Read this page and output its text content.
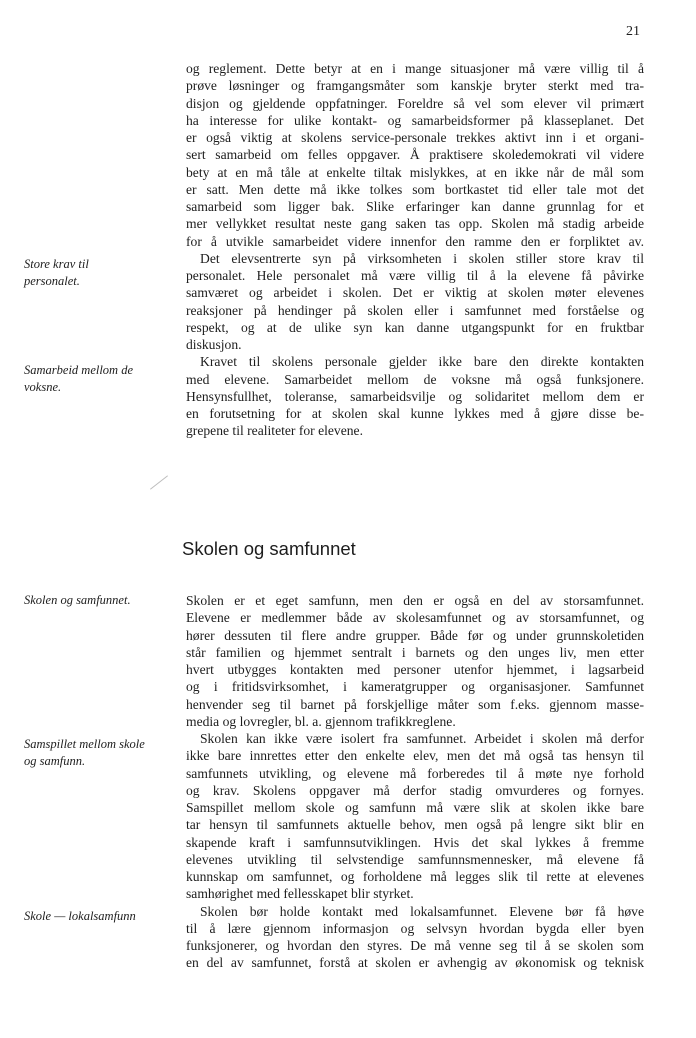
21
Store krav til
personalet.
Samarbeid mellom de
voksne.
Skolen og samfunnet.
Samspillet mellom skole
og samfunn.
Skole — lokalsamfunn
og reglement. Dette betyr at en i mange situasjoner må være villig til å
prøve løsninger og framgangsmåter som kanskje bryter sterkt med tra-
disjon og gjeldende oppfatninger. Foreldre så vel som elever vil primært
ha interesse for ulike kontakt- og samarbeidsformer på klasseplanet. Det
er også viktig at skolens service-personale trekkes aktivt inn i et organi-
sert samarbeid om felles oppgaver. Å praktisere skoledemokrati vil videre
bety at en må tåle at enkelte tiltak mislykkes, at en ikke når de mål som
er satt. Men dette må ikke tolkes som bortkastet tid eller tale mot det
samarbeid som ligger bak. Slike erfaringer kan danne grunnlag for et
mer vellykket resultat neste gang saken tas opp. Skolen må stadig arbeide
for å utvikle samarbeidet videre innenfor den ramme den er forpliktet av.
Det elevsentrerte syn på virksomheten i skolen stiller store krav til
personalet. Hele personalet må være villig til å la elevene få påvirke
samværet og arbeidet i skolen. Det er viktig at skolen møter elevenes
reaksjoner på hendinger på skolen eller i samfunnet med forståelse og
respekt, og at de ulike syn kan danne utgangspunkt for en fruktbar
diskusjon.
Kravet til skolens personale gjelder ikke bare den direkte kontakten
med elevene. Samarbeidet mellom de voksne må også funksjonere.
Hensynsfullhet, toleranse, samarbeidsvilje og solidaritet mellom dem er
en forutsetning for at skolen skal kunne lykkes med å gjøre disse be-
grepene til realiteter for elevene.
Skolen og samfunnet
Skolen er et eget samfunn, men den er også en del av storsamfunnet.
Elevene er medlemmer både av skolesamfunnet og av storsamfunnet, og
hører dessuten til flere andre grupper. Både før og under grunnskoletiden
står familien og hjemmet sentralt i barnets og den unges liv, men etter
hvert utbygges kontakten med personer utenfor hjemmet, i lagsarbeid
og i fritidsvirksomhet, i kameratgrupper og organisasjoner. Samfunnet
henvender seg til barnet på forskjellige måter som f.eks. gjennom masse-
media og lovregler, bl. a. gjennom trafikkreglene.
Skolen kan ikke være isolert fra samfunnet. Arbeidet i skolen må derfor
ikke bare innrettes etter den enkelte elev, men det må også tas hensyn til
samfunnets utvikling, og elevene må forberedes til å møte nye forhold
og krav. Skolens oppgaver må derfor stadig omvurderes og fornyes.
Samspillet mellom skole og samfunn må være slik at skolen ikke bare
tar hensyn til samfunnets aktuelle behov, men også på lengre sikt blir en
skapende kraft i samfunnsutviklingen. Hvis det skal lykkes å fremme
elevenes utvikling til selvstendige samfunnsmennesker, må elevene få
kunnskap om samfunnet, og forholdene må legges slik til rette at elevenes
samhørighet med fellesskapet blir styrket.
Skolen bør holde kontakt med lokalsamfunnet. Elevene bør få høve
til å lære gjennom informasjon og selvsyn hvordan bygda eller byen
funksjonerer, og hvordan den styres. De må venne seg til å se skolen som
en del av samfunnet, forstå at skolen er avhengig av økonomisk og teknisk
